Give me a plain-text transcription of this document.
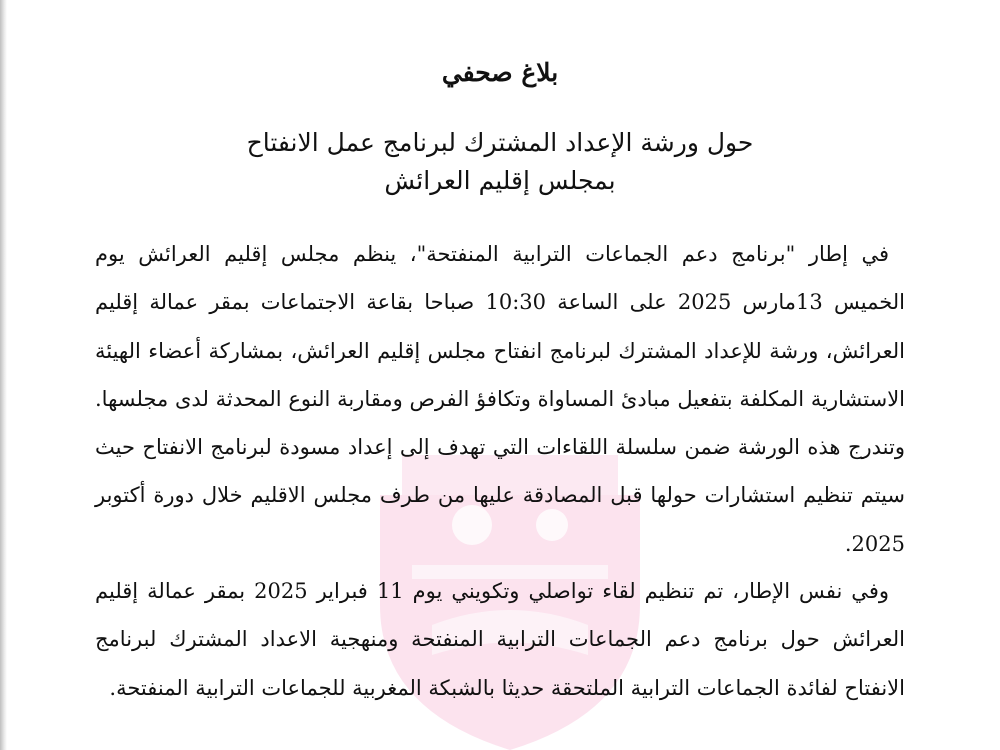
بلاغ صحفي

حول ورشة الإعداد المشترك لبرنامج عمل الانفتاح

بمجلس إقليم العرائش

في إطار "برنامج دعم الجماعات الترابية المنفتحة"، ينظم مجلس إقليم العرائش يوم الخميس 13مارس 2025 على الساعة 10:30 صباحا بقاعة الاجتماعات بمقر عمالة إقليم العرائش، ورشة للإعداد المشترك لبرنامج انفتاح مجلس إقليم العرائش، بمشاركة أعضاء الهيئة الاستشارية المكلفة بتفعيل مبادئ المساواة وتكافؤ الفرص ومقاربة النوع المحدثة لدى مجلسها. وتندرج هذه الورشة ضمن سلسلة اللقاءات التي تهدف إلى إعداد مسودة لبرنامج الانفتاح حيث سيتم تنظيم استشارات حولها قبل المصادقة عليها من طرف مجلس الاقليم خلال دورة أكتوبر 2025.

وفي نفس الإطار، تم تنظيم لقاء تواصلي وتكويني يوم 11 فبراير 2025 بمقر عمالة إقليم العرائش حول برنامج دعم الجماعات الترابية المنفتحة ومنهجية الاعداد المشترك لبرنامج الانفتاح لفائدة الجماعات الترابية الملتحقة حديثا بالشبكة المغربية للجماعات الترابية المنفتحة.
